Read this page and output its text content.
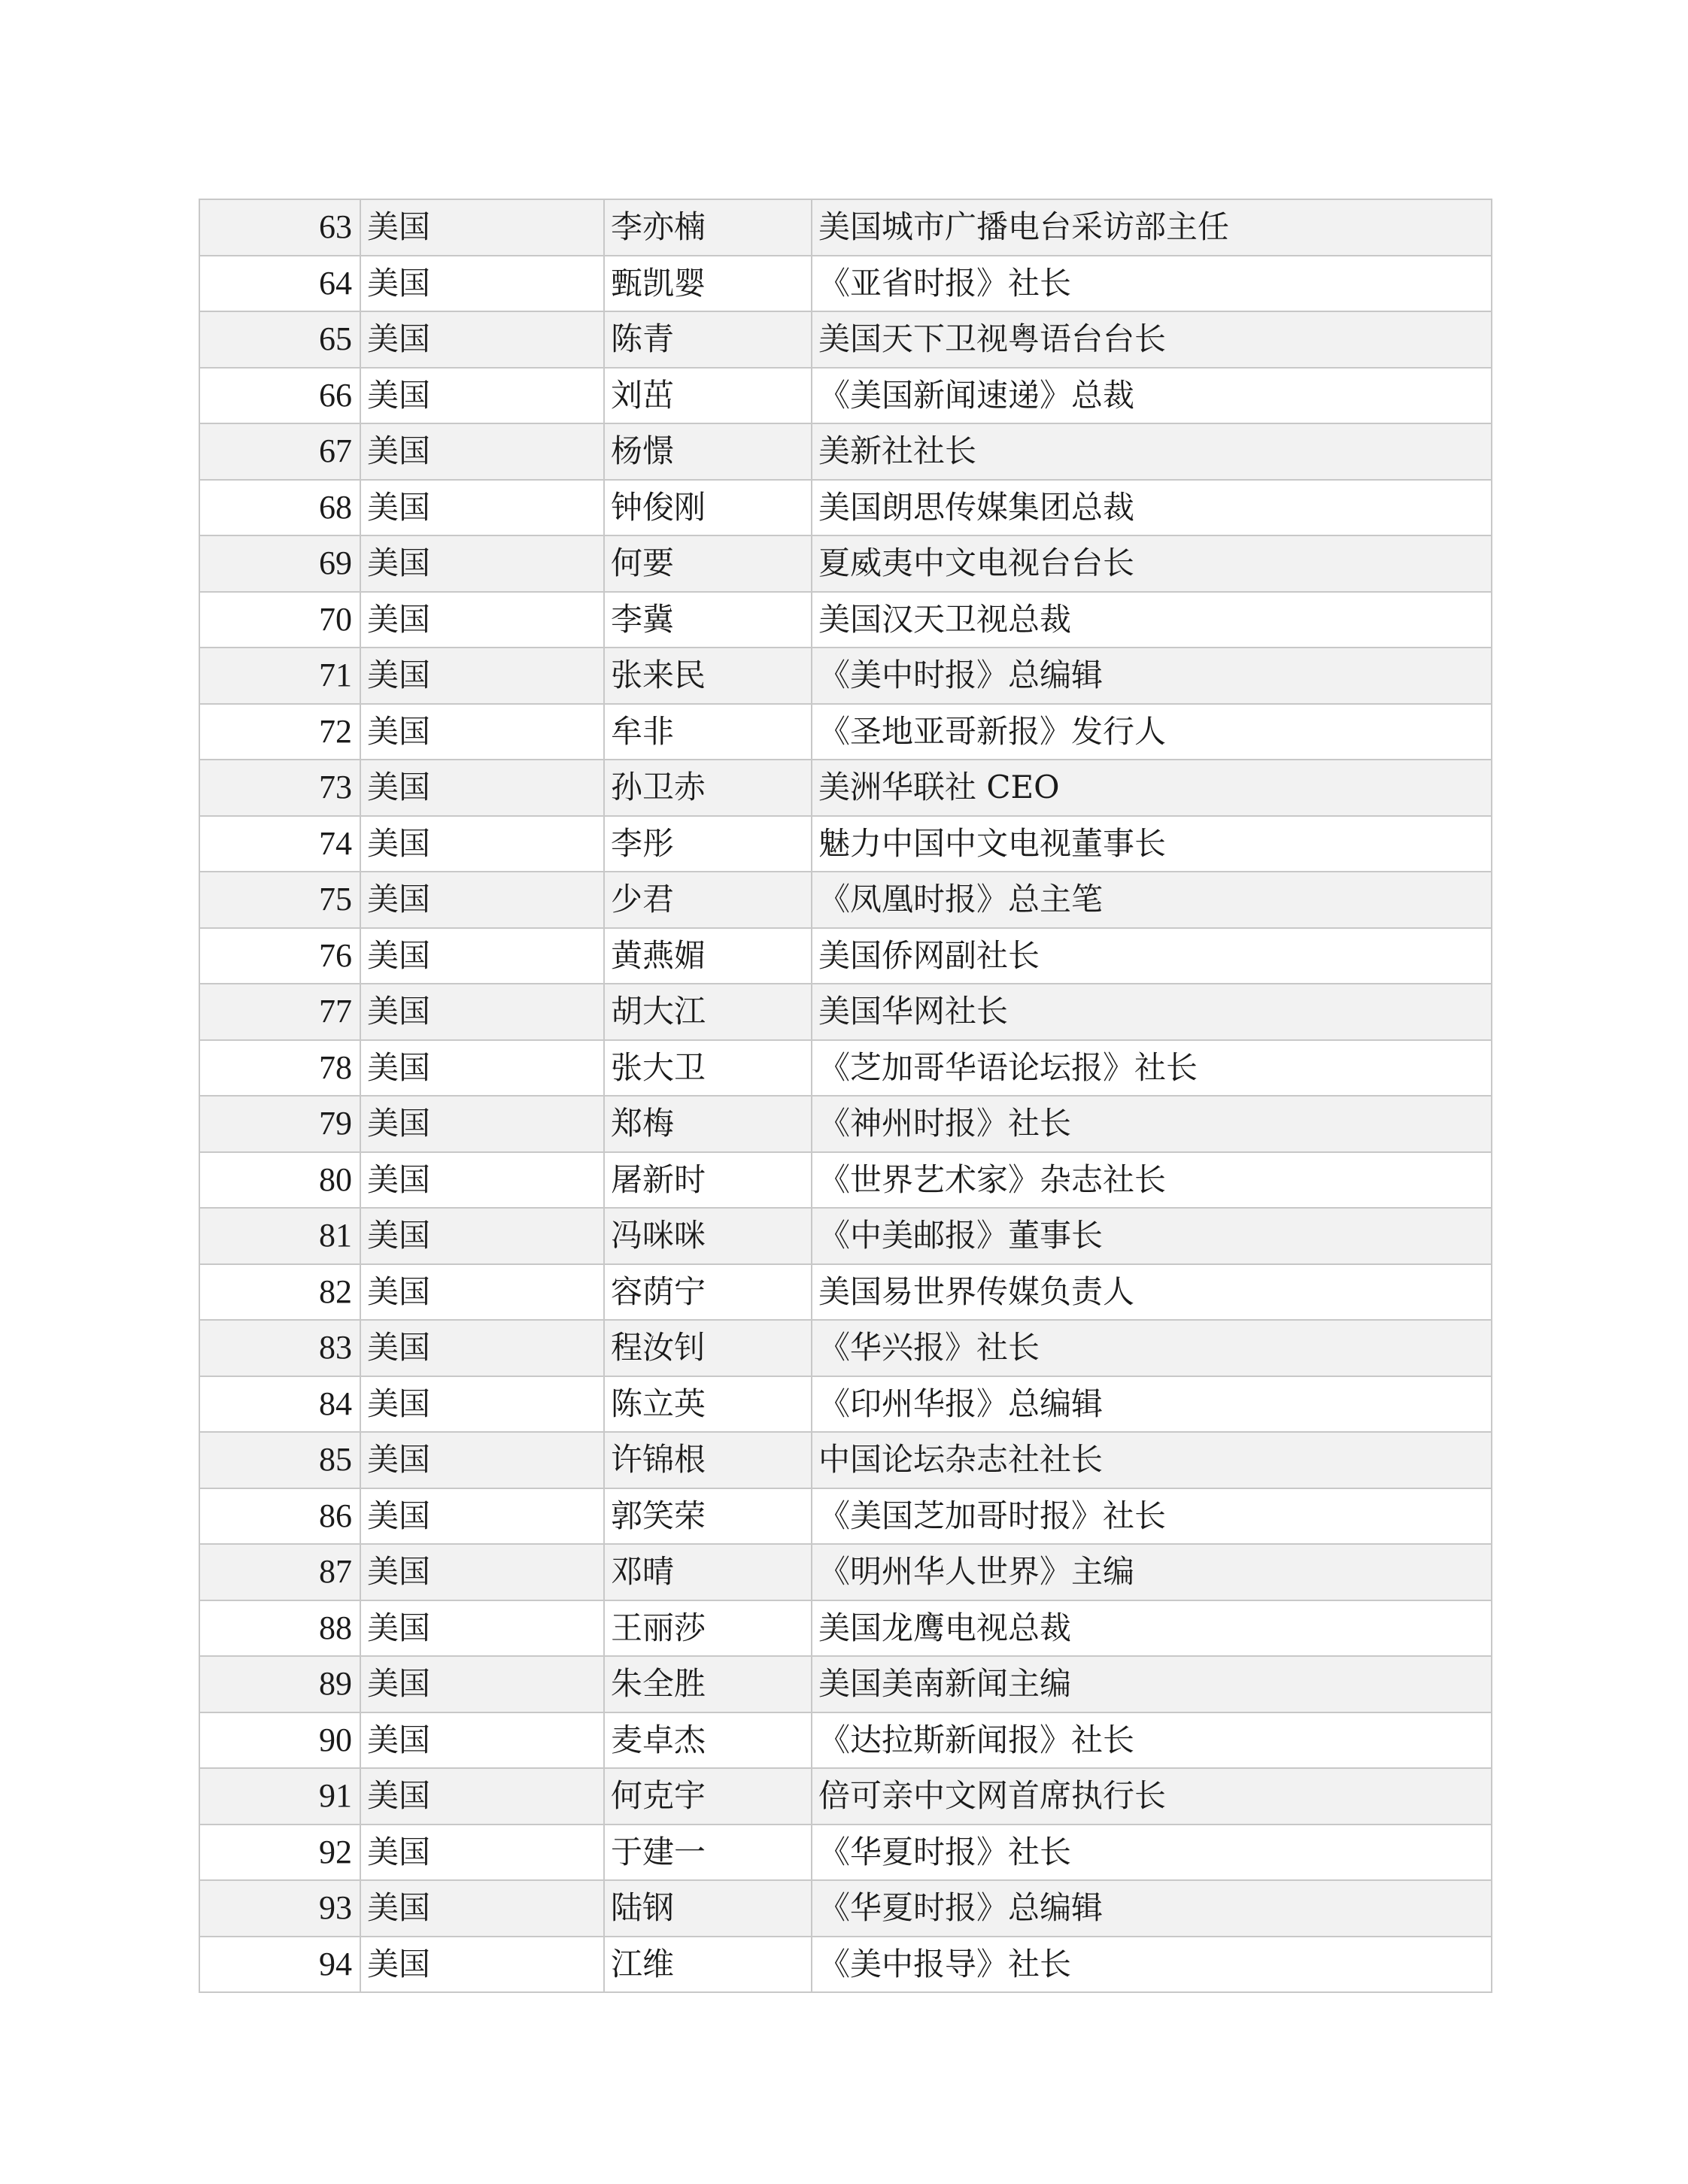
63	美国	李亦楠	美国城市广播电台采访部主任
64	美国	甄凯婴	《亚省时报》社长
65	美国	陈青	美国天下卫视粤语台台长
66	美国	刘茁	《美国新闻速递》总裁
67	美国	杨憬	美新社社长
68	美国	钟俊刚	美国朗思传媒集团总裁
69	美国	何要	夏威夷中文电视台台长
70	美国	李冀	美国汉天卫视总裁
71	美国	张来民	《美中时报》总编辑
72	美国	牟非	《圣地亚哥新报》发行人
73	美国	孙卫赤	美洲华联社 CEO
74	美国	李彤	魅力中国中文电视董事长
75	美国	少君	《凤凰时报》总主笔
76	美国	黄燕媚	美国侨网副社长
77	美国	胡大江	美国华网社长
78	美国	张大卫	《芝加哥华语论坛报》社长
79	美国	郑梅	《神州时报》社长
80	美国	屠新时	《世界艺术家》杂志社长
81	美国	冯咪咪	《中美邮报》董事长
82	美国	容荫宁	美国易世界传媒负责人
83	美国	程汝钊	《华兴报》社长
84	美国	陈立英	《印州华报》总编辑
85	美国	许锦根	中国论坛杂志社社长
86	美国	郭笑荣	《美国芝加哥时报》社长
87	美国	邓晴	《明州华人世界》主编
88	美国	王丽莎	美国龙鹰电视总裁
89	美国	朱全胜	美国美南新闻主编
90	美国	麦卓杰	《达拉斯新闻报》社长
91	美国	何克宇	倍可亲中文网首席执行长
92	美国	于建一	《华夏时报》社长
93	美国	陆钢	《华夏时报》总编辑
94	美国	江维	《美中报导》社长
